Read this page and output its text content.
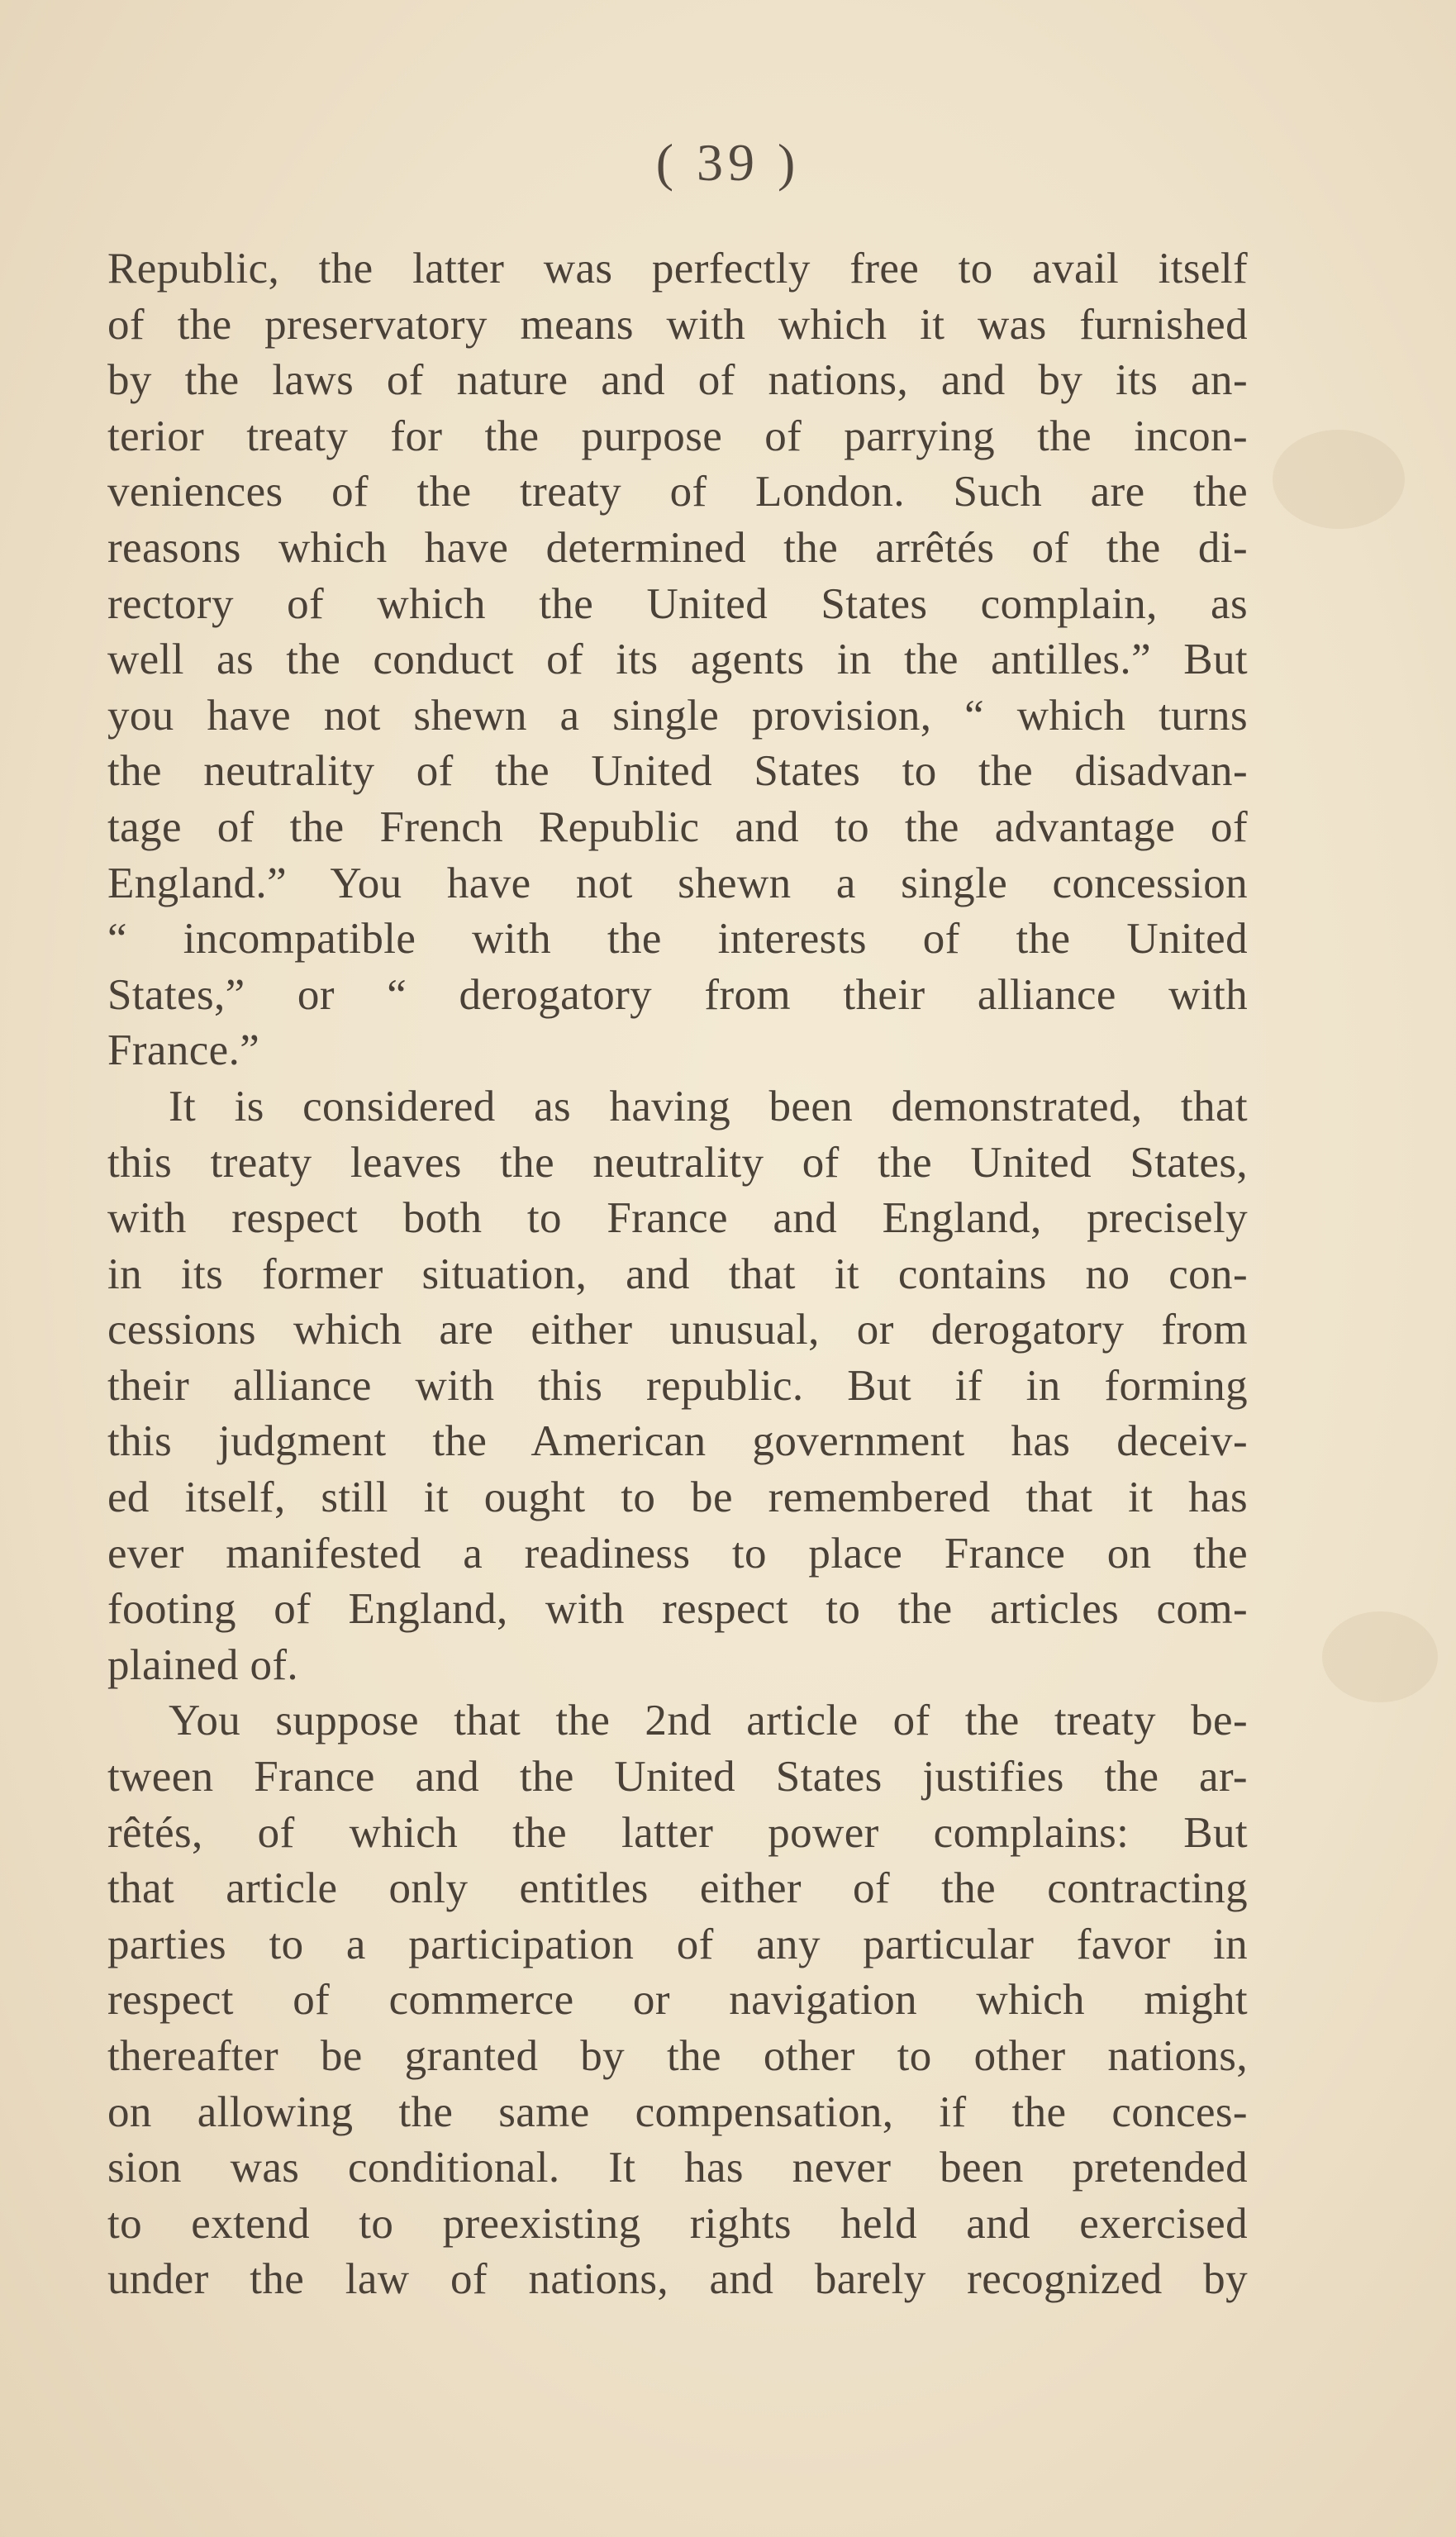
( 39 )
Republic, the latter was perfectly free to avail itself
of the preservatory means with which it was furnished
by the laws of nature and of nations, and by its an-
terior treaty for the purpose of parrying the incon-
veniences of the treaty of London. Such are the
reasons which have determined the arrêtés of the di-
rectory of which the United States complain, as
well as the conduct of its agents in the antilles.” But
you have not shewn a single provision, “ which turns
the neutrality of the United States to the disadvan-
tage of the French Republic and to the advantage of
England.” You have not shewn a single concession
“ incompatible with the interests of the United
States,” or “ derogatory from their alliance with
France.”
It is considered as having been demonstrated, that
this treaty leaves the neutrality of the United States,
with respect both to France and England, precisely
in its former situation, and that it contains no con-
cessions which are either unusual, or derogatory from
their alliance with this republic. But if in forming
this judgment the American government has deceiv-
ed itself, still it ought to be remembered that it has
ever manifested a readiness to place France on the
footing of England, with respect to the articles com-
plained of.
You suppose that the 2nd article of the treaty be-
tween France and the United States justifies the ar-
rêtés, of which the latter power complains: But
that article only entitles either of the contracting
parties to a participation of any particular favor in
respect of commerce or navigation which might
thereafter be granted by the other to other nations,
on allowing the same compensation, if the conces-
sion was conditional. It has never been pretended
to extend to preexisting rights held and exercised
under the law of nations, and barely recognized by
